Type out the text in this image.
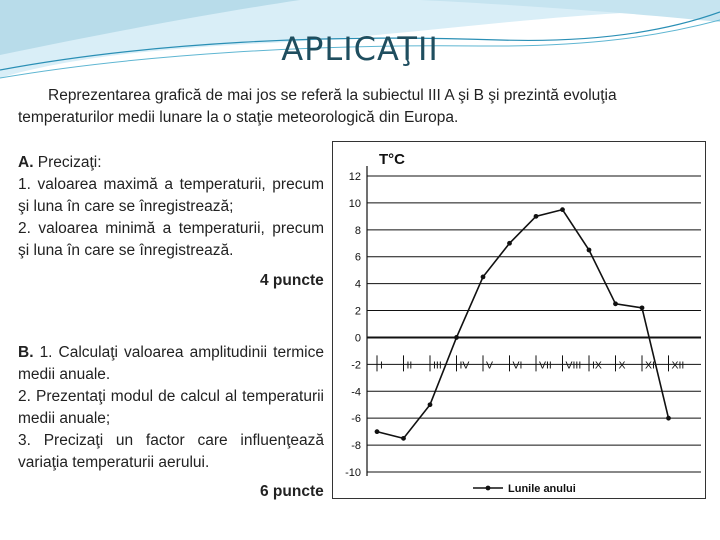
APLICAŢII
Reprezentarea grafică de mai jos se referă la subiectul III A şi B şi prezintă evoluţia temperaturilor medii lunare la o staţie meteorologică din Europa.

A. Precizaţi:

1. valoarea maximă a temperaturii, precum

şi luna în care se înregistrează;

2. valoarea minimă a temperaturii, precum

şi luna în care se înregistrează.

4 puncte

B. 1. Calculaţi valoarea amplitudinii termice

medii anuale.

2. Prezentaţi modul de calcul al temperaturii

medii anuale;

3. Precizaţi un factor care influenţează

variaţia temperaturii aerului.

6 puncte
-10
-8
-6
-4
-2
0
2
4
6
8
10
12
T°C
I II III IV V VI VII VIII IX X XI XII
Lunile anului
